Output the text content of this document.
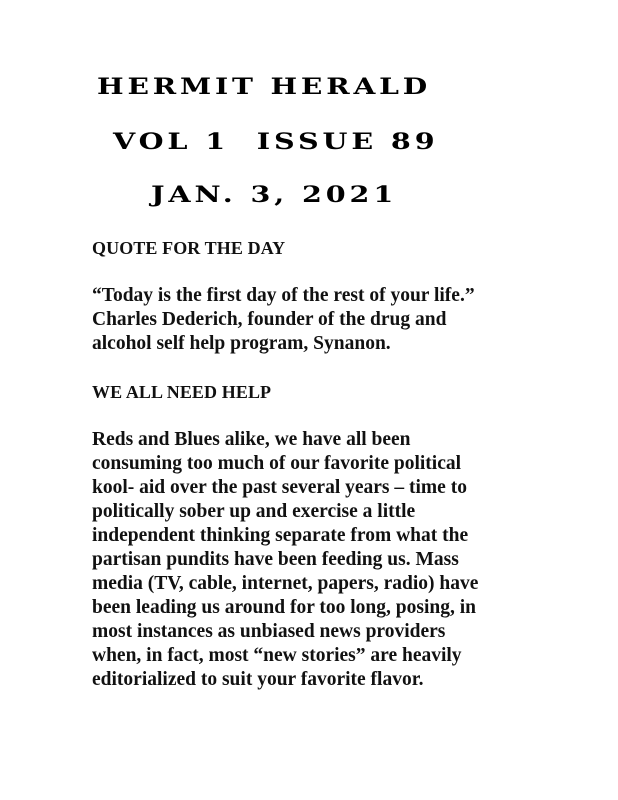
HERMIT HERALD
VOL 1  ISSUE 89
JAN. 3, 2021
QUOTE FOR THE DAY

“Today is the first day of the rest of your life.”
Charles Dederich, founder of the drug and
alcohol self help program, Synanon.

WE ALL NEED HELP

Reds and Blues alike, we have all been
consuming too much of our favorite political
kool- aid over the past several years – time to
politically sober up and exercise a little
independent thinking separate from what the
partisan pundits have been feeding us. Mass
media (TV, cable, internet, papers, radio) have
been leading us around for too long, posing, in
most instances as unbiased news providers
when, in fact, most “new stories” are heavily
editorialized to suit your favorite flavor.
